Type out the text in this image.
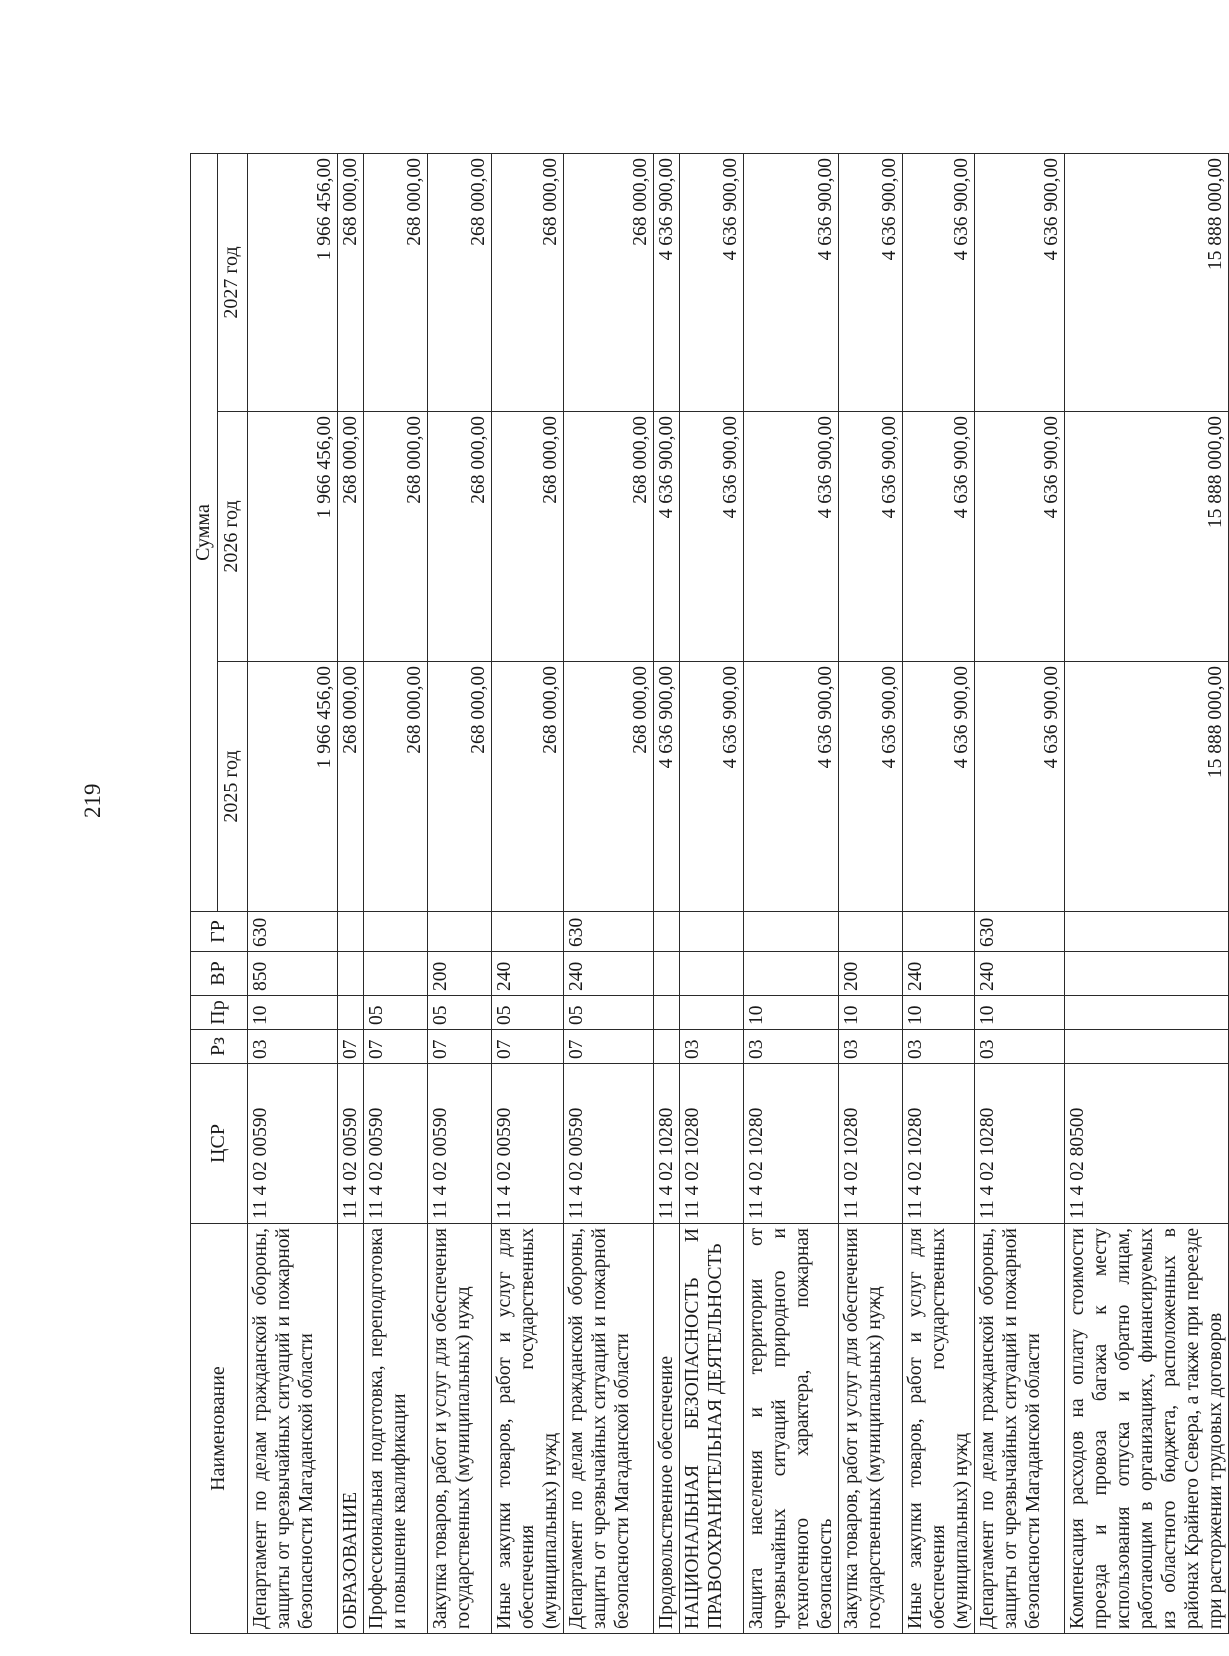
219
Наименование	ЦСР	Рз	Пр	ВР	ГР	Сумма		
						2025 год	2026 год	2027 год
Департамент по делам гражданской обороны, защиты от чрезвычайных ситуаций и пожарной безопасности Магаданской области	11 4 02 00590	03	10	850	630	1 966 456,00	1 966 456,00	1 966 456,00
ОБРАЗОВАНИЕ	11 4 02 00590	07				268 000,00	268 000,00	268 000,00
Профессиональная подготовка, переподготовка и повышение квалификации	11 4 02 00590	07	05			268 000,00	268 000,00	268 000,00
Закупка товаров, работ и услуг для обеспечения государственных (муниципальных) нужд	11 4 02 00590	07	05	200		268 000,00	268 000,00	268 000,00
Иные закупки товаров, работ и услуг для обеспечения государственных (муниципальных) нужд	11 4 02 00590	07	05	240		268 000,00	268 000,00	268 000,00
Департамент по делам гражданской обороны, защиты от чрезвычайных ситуаций и пожарной безопасности Магаданской области	11 4 02 00590	07	05	240	630	268 000,00	268 000,00	268 000,00
Продовольственное обеспечение	11 4 02 10280					4 636 900,00	4 636 900,00	4 636 900,00
НАЦИОНАЛЬНАЯ БЕЗОПАСНОСТЬ И ПРАВООХРАНИТЕЛЬНАЯ ДЕЯТЕЛЬНОСТЬ	11 4 02 10280	03				4 636 900,00	4 636 900,00	4 636 900,00
Защита населения и территории от чрезвычайных ситуаций природного и техногенного характера, пожарная безопасность	11 4 02 10280	03	10			4 636 900,00	4 636 900,00	4 636 900,00
Закупка товаров, работ и услуг для обеспечения государственных (муниципальных) нужд	11 4 02 10280	03	10	200		4 636 900,00	4 636 900,00	4 636 900,00
Иные закупки товаров, работ и услуг для обеспечения государственных (муниципальных) нужд	11 4 02 10280	03	10	240		4 636 900,00	4 636 900,00	4 636 900,00
Департамент по делам гражданской обороны, защиты от чрезвычайных ситуаций и пожарной безопасности Магаданской области	11 4 02 10280	03	10	240	630	4 636 900,00	4 636 900,00	4 636 900,00
Компенсация расходов на оплату стоимости проезда и провоза багажа к месту использования отпуска и обратно лицам, работающим в организациях, финансируемых из областного бюджета, расположенных в районах Крайнего Севера, а также при переезде при расторжении трудовых договоров	11 4 02 80500					15 888 000,00	15 888 000,00	15 888 000,00
